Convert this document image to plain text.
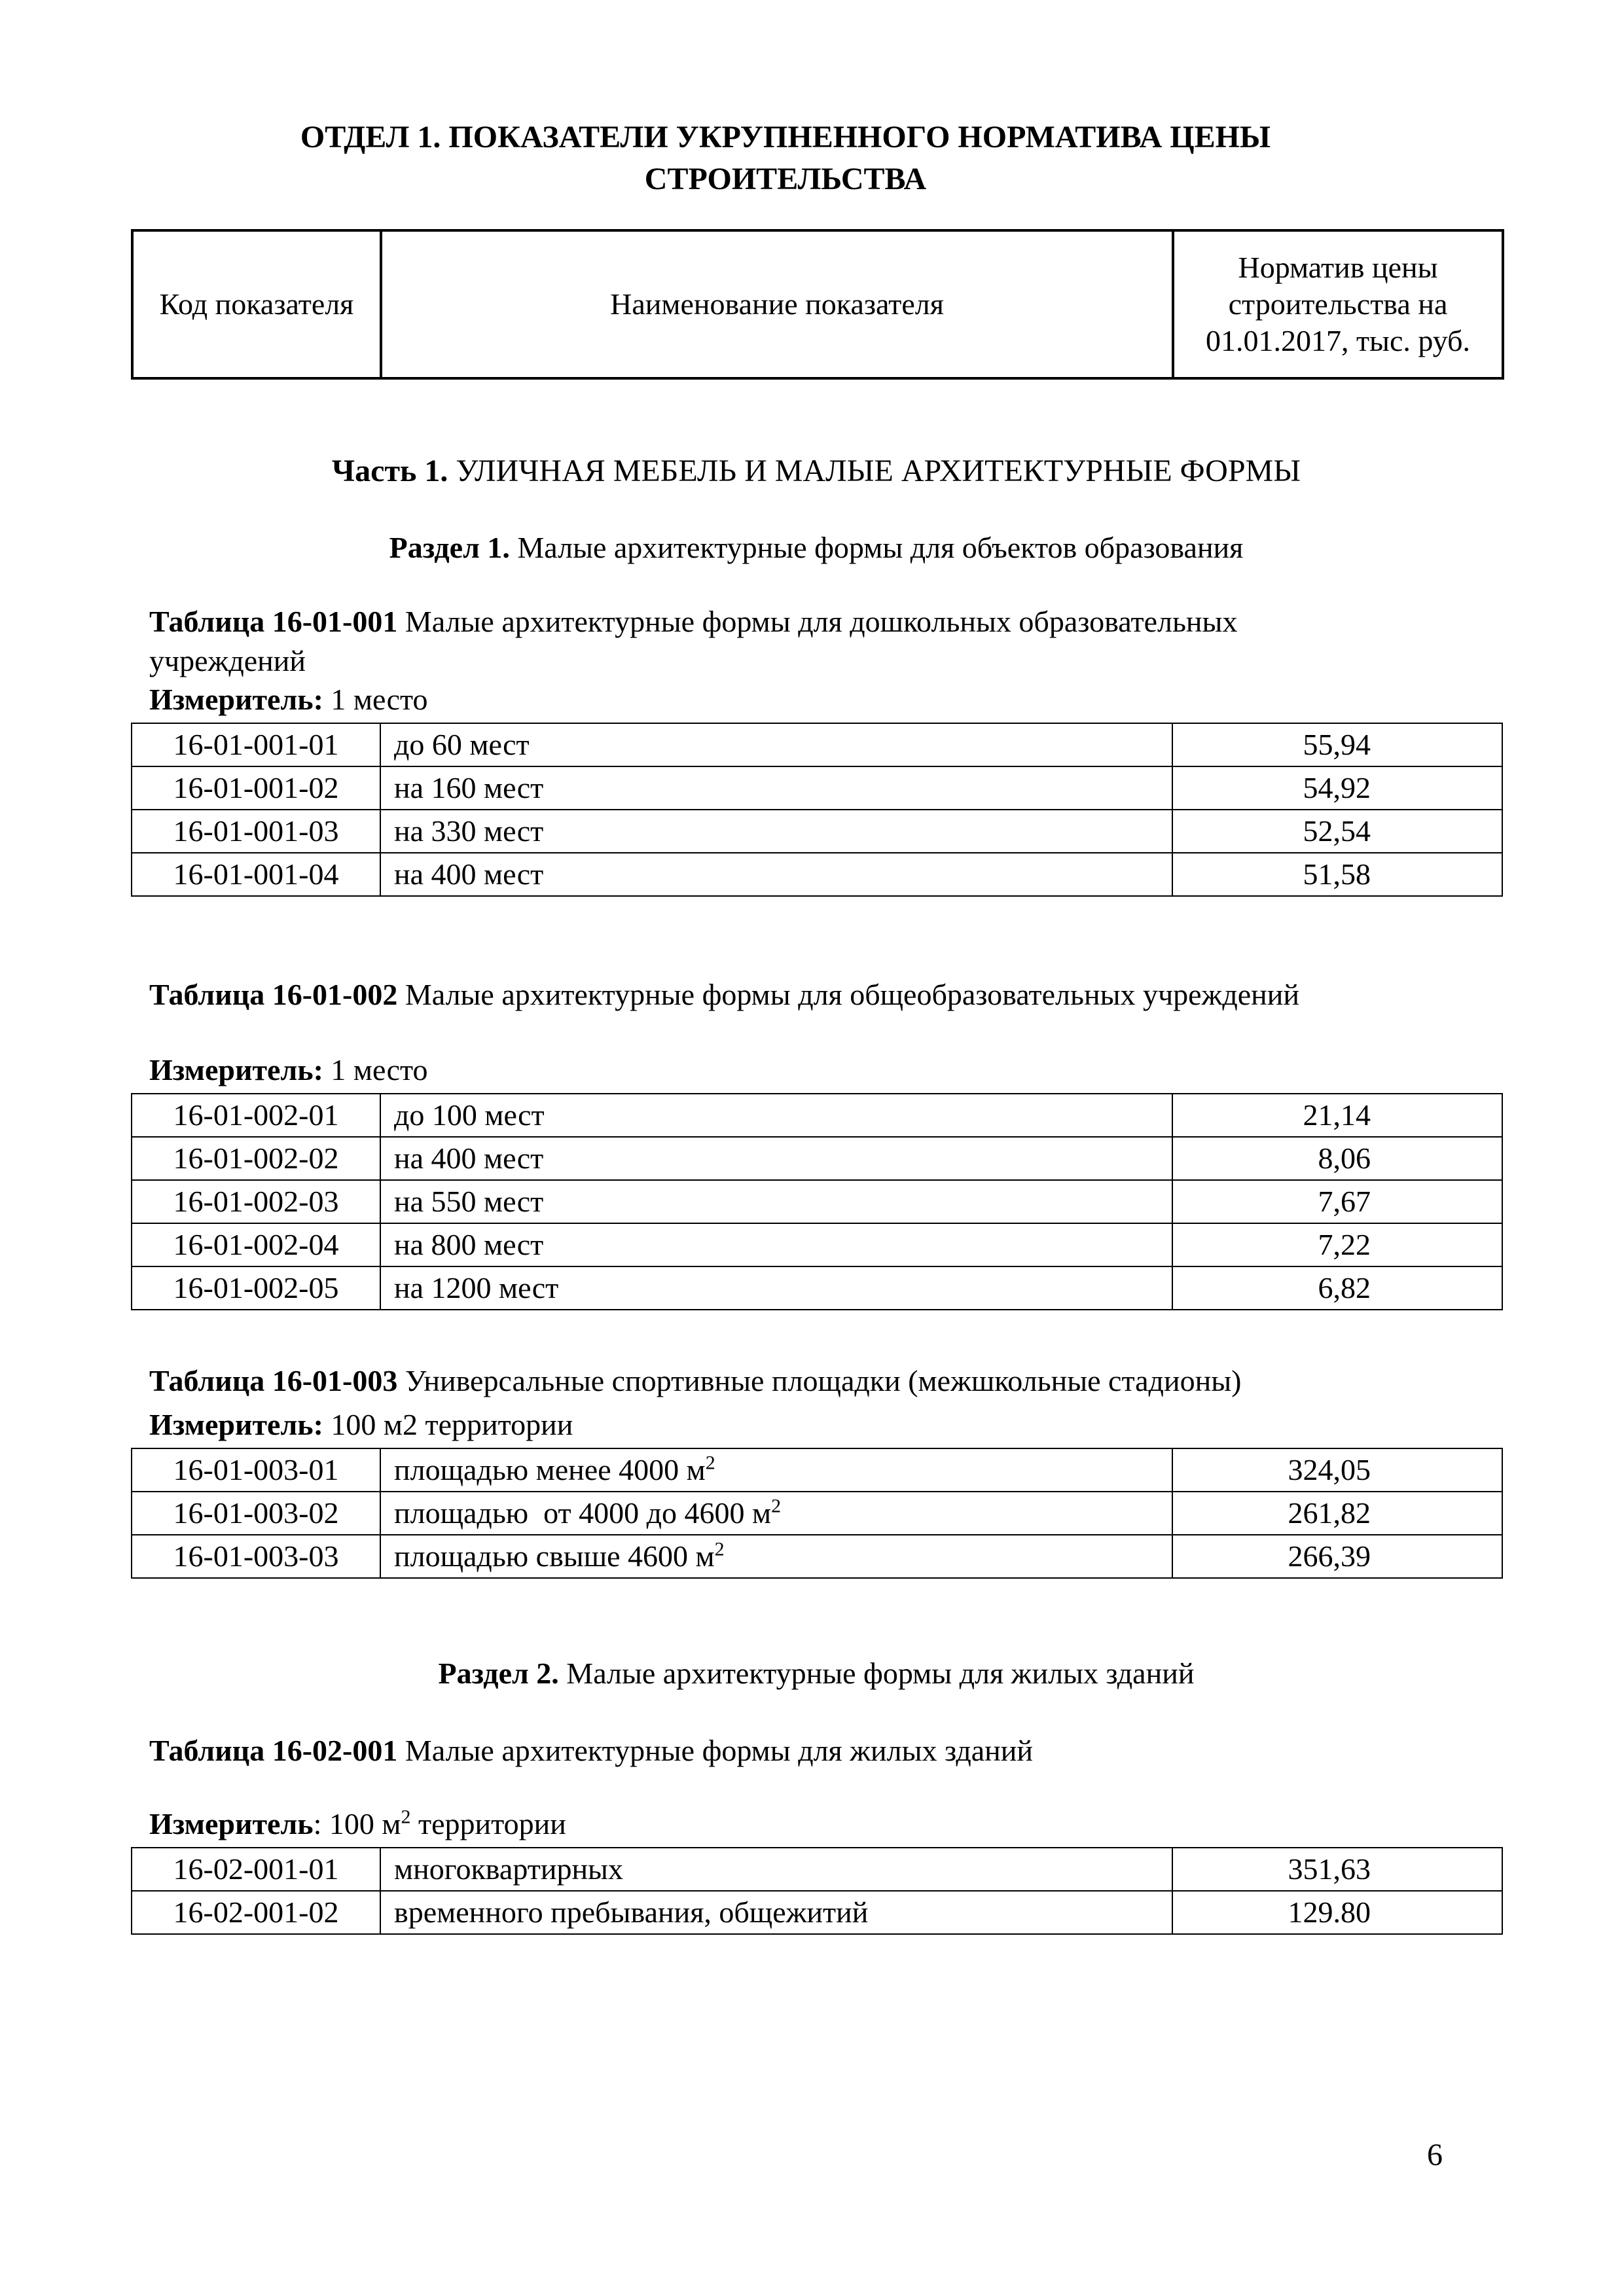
ОТДЕЛ 1. ПОКАЗАТЕЛИ УКРУПНЕННОГО НОРМАТИВА ЦЕНЫ
СТРОИТЕЛЬСТВА
Код показателя	Наименование показателя	Норматив цены строительства на 01.01.2017, тыс. руб.
Часть 1. УЛИЧНАЯ МЕБЕЛЬ И МАЛЫЕ АРХИТЕКТУРНЫЕ ФОРМЫ
Раздел 1. Малые архитектурные формы для объектов образования
Таблица 16-01-001 Малые архитектурные формы для дошкольных образовательных
учреждений
Измеритель: 1 место
16-01-001-01	до 60 мест	55,94
16-01-001-02	на 160 мест	54,92
16-01-001-03	на 330 мест	52,54
16-01-001-04	на 400 мест	51,58
Таблица 16-01-002 Малые архитектурные формы для общеобразовательных учреждений
Измеритель: 1 место
16-01-002-01	до 100 мест	21,14
16-01-002-02	на 400 мест	8,06
16-01-002-03	на 550 мест	7,67
16-01-002-04	на 800 мест	7,22
16-01-002-05	на 1200 мест	6,82
Таблица 16-01-003 Универсальные спортивные площадки (межшкольные стадионы)
Измеритель: 100 м2 территории
16-01-003-01	площадью менее 4000 $м^2$	324,05
16-01-003-02	площадью  от 4000 до 4600 $м^2$	261,82
16-01-003-03	площадью свыше 4600 $м^2$	266,39
Раздел 2. Малые архитектурные формы для жилых зданий
Таблица 16-02-001 Малые архитектурные формы для жилых зданий
Измеритель: 100 $м^2$ территории
16-02-001-01	многоквартирных	351,63
16-02-001-02	временного пребывания, общежитий	129.80
6
